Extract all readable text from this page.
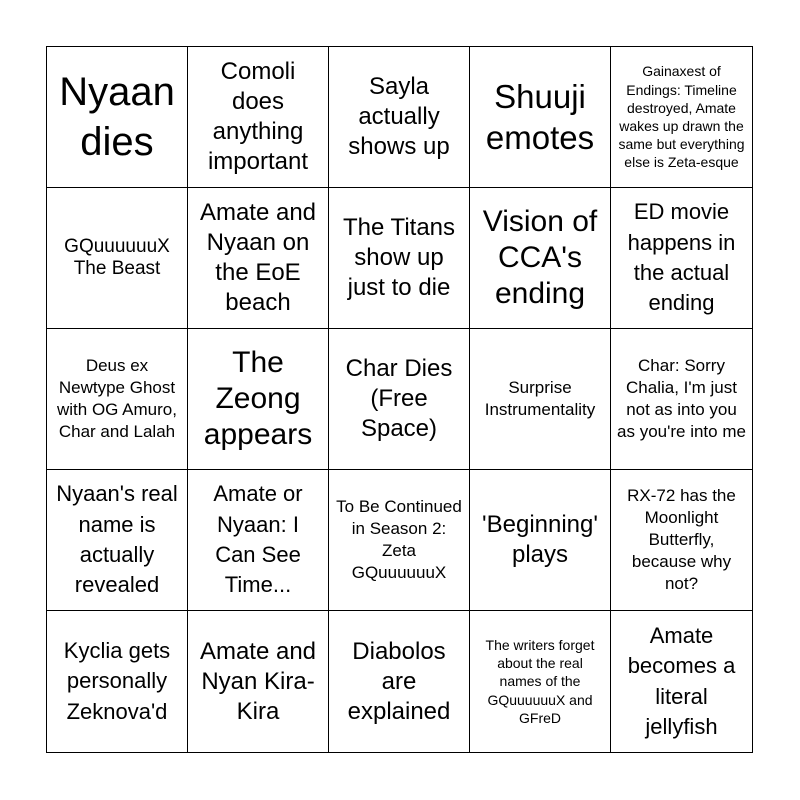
Nyaan dies
Comoli does anything important
Sayla actually shows up
Shuuji emotes
Gainaxest of Endings: Timeline destroyed, Amate wakes up drawn the same but everything else is Zeta-esque
GQuuuuuuX The Beast
Amate and Nyaan on the EoE beach
The Titans show up just to die
Vision of CCA's ending
ED movie happens in the actual ending
Deus ex Newtype Ghost with OG Amuro, Char and Lalah
The Zeong appears
Char Dies (Free Space)
Surprise Instrumentality
Char: Sorry Chalia, I'm just not as into you as you're into me
Nyaan's real name is actually revealed
Amate or Nyaan: I Can See Time...
To Be Continued in Season 2: Zeta GQuuuuuuX
'Beginning' plays
RX-72 has the Moonlight Butterfly, because why not?
Kyclia gets personally Zeknova'd
Amate and Nyan Kira-Kira
Diabolos are explained
The writers forget about the real names of the GQuuuuuuX and GFreD
Amate becomes a literal jellyfish
